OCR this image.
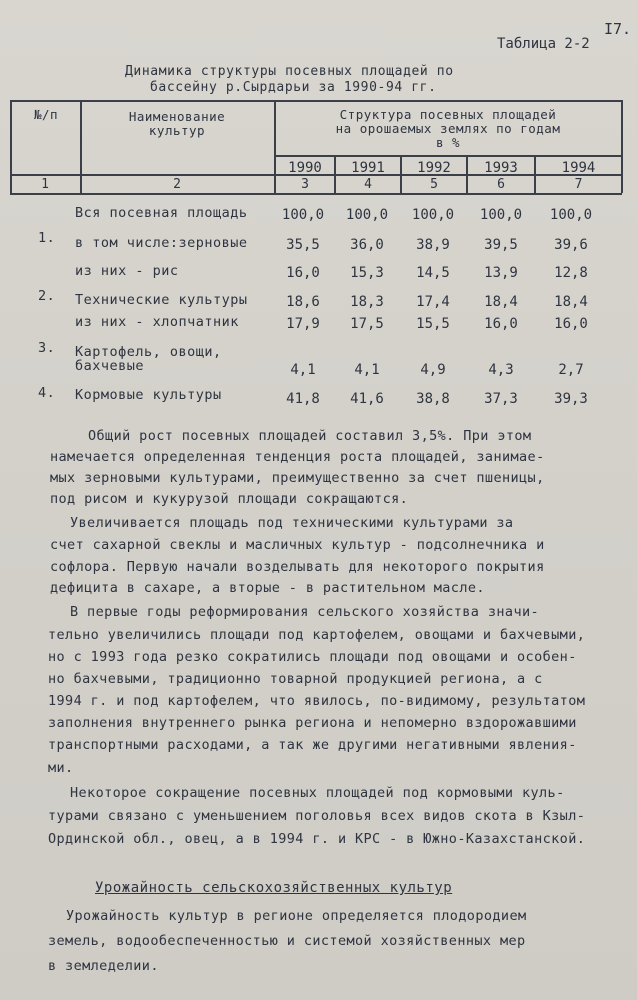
I7.
Таблица 2-2
Динамика структуры посевных площадей по
бассейну р.Сырдарьи за 1990-94 гг.
№/п	Наименование
культур
Структура посевных площадей
на орошаемых землях по годам
в %
1990	1991	1992	1993	1994
1	2	3	4	5	6	7
Вся посевная площадь	100,0	100,0	100,0	100,0	100,0
1. в том числе:зерновые	35,5	36,0	38,9	39,5	39,6
из них - рис	16,0	15,3	14,5	13,9	12,8
2. Технические культуры	18,6	18,3	17,4	18,4	18,4
из них - хлопчатник	17,9	17,5	15,5	16,0	16,0
3. Картофель, овощи,
бахчевые	4,1	4,1	4,9	4,3	2,7
4. Кормовые культуры	41,8	41,6	38,8	37,3	39,3
Общий рост посевных площадей составил 3,5%. При этом
намечается определенная тенденция роста площадей, занимае-
мых зерновыми культурами, преимущественно за счет пшеницы,
под рисом и кукурузой площади сокращаются.
Увеличивается площадь под техническими культурами за
счет сахарной свеклы и масличных культур - подсолнечника и
софлора. Первую начали возделывать для некоторого покрытия
дефицита в сахаре, а вторые - в растительном масле.
В первые годы реформирования сельского хозяйства значи-
тельно увеличились площади под картофелем, овощами и бахчевыми,
но с 1993 года резко сократились площади под овощами и особен-
но бахчевыми, традиционно товарной продукцией региона, а с
1994 г. и под картофелем, что явилось, по-видимому, результатом
заполнения внутреннего рынка региона и непомерно вздорожавшими
транспортными расходами, а так же другими негативными явления-
ми.
Некоторое сокращение посевных площадей под кормовыми куль-
турами связано с уменьшением поголовья всех видов скота в Кзыл-
Ординской обл., овец, а в 1994 г. и КРС - в Южно-Казахстанской.
Урожайность сельскохозяйственных культур
Урожайность культур в регионе определяется плодородием
земель, водообеспеченностью и системой хозяйственных мер
в земледелии.
